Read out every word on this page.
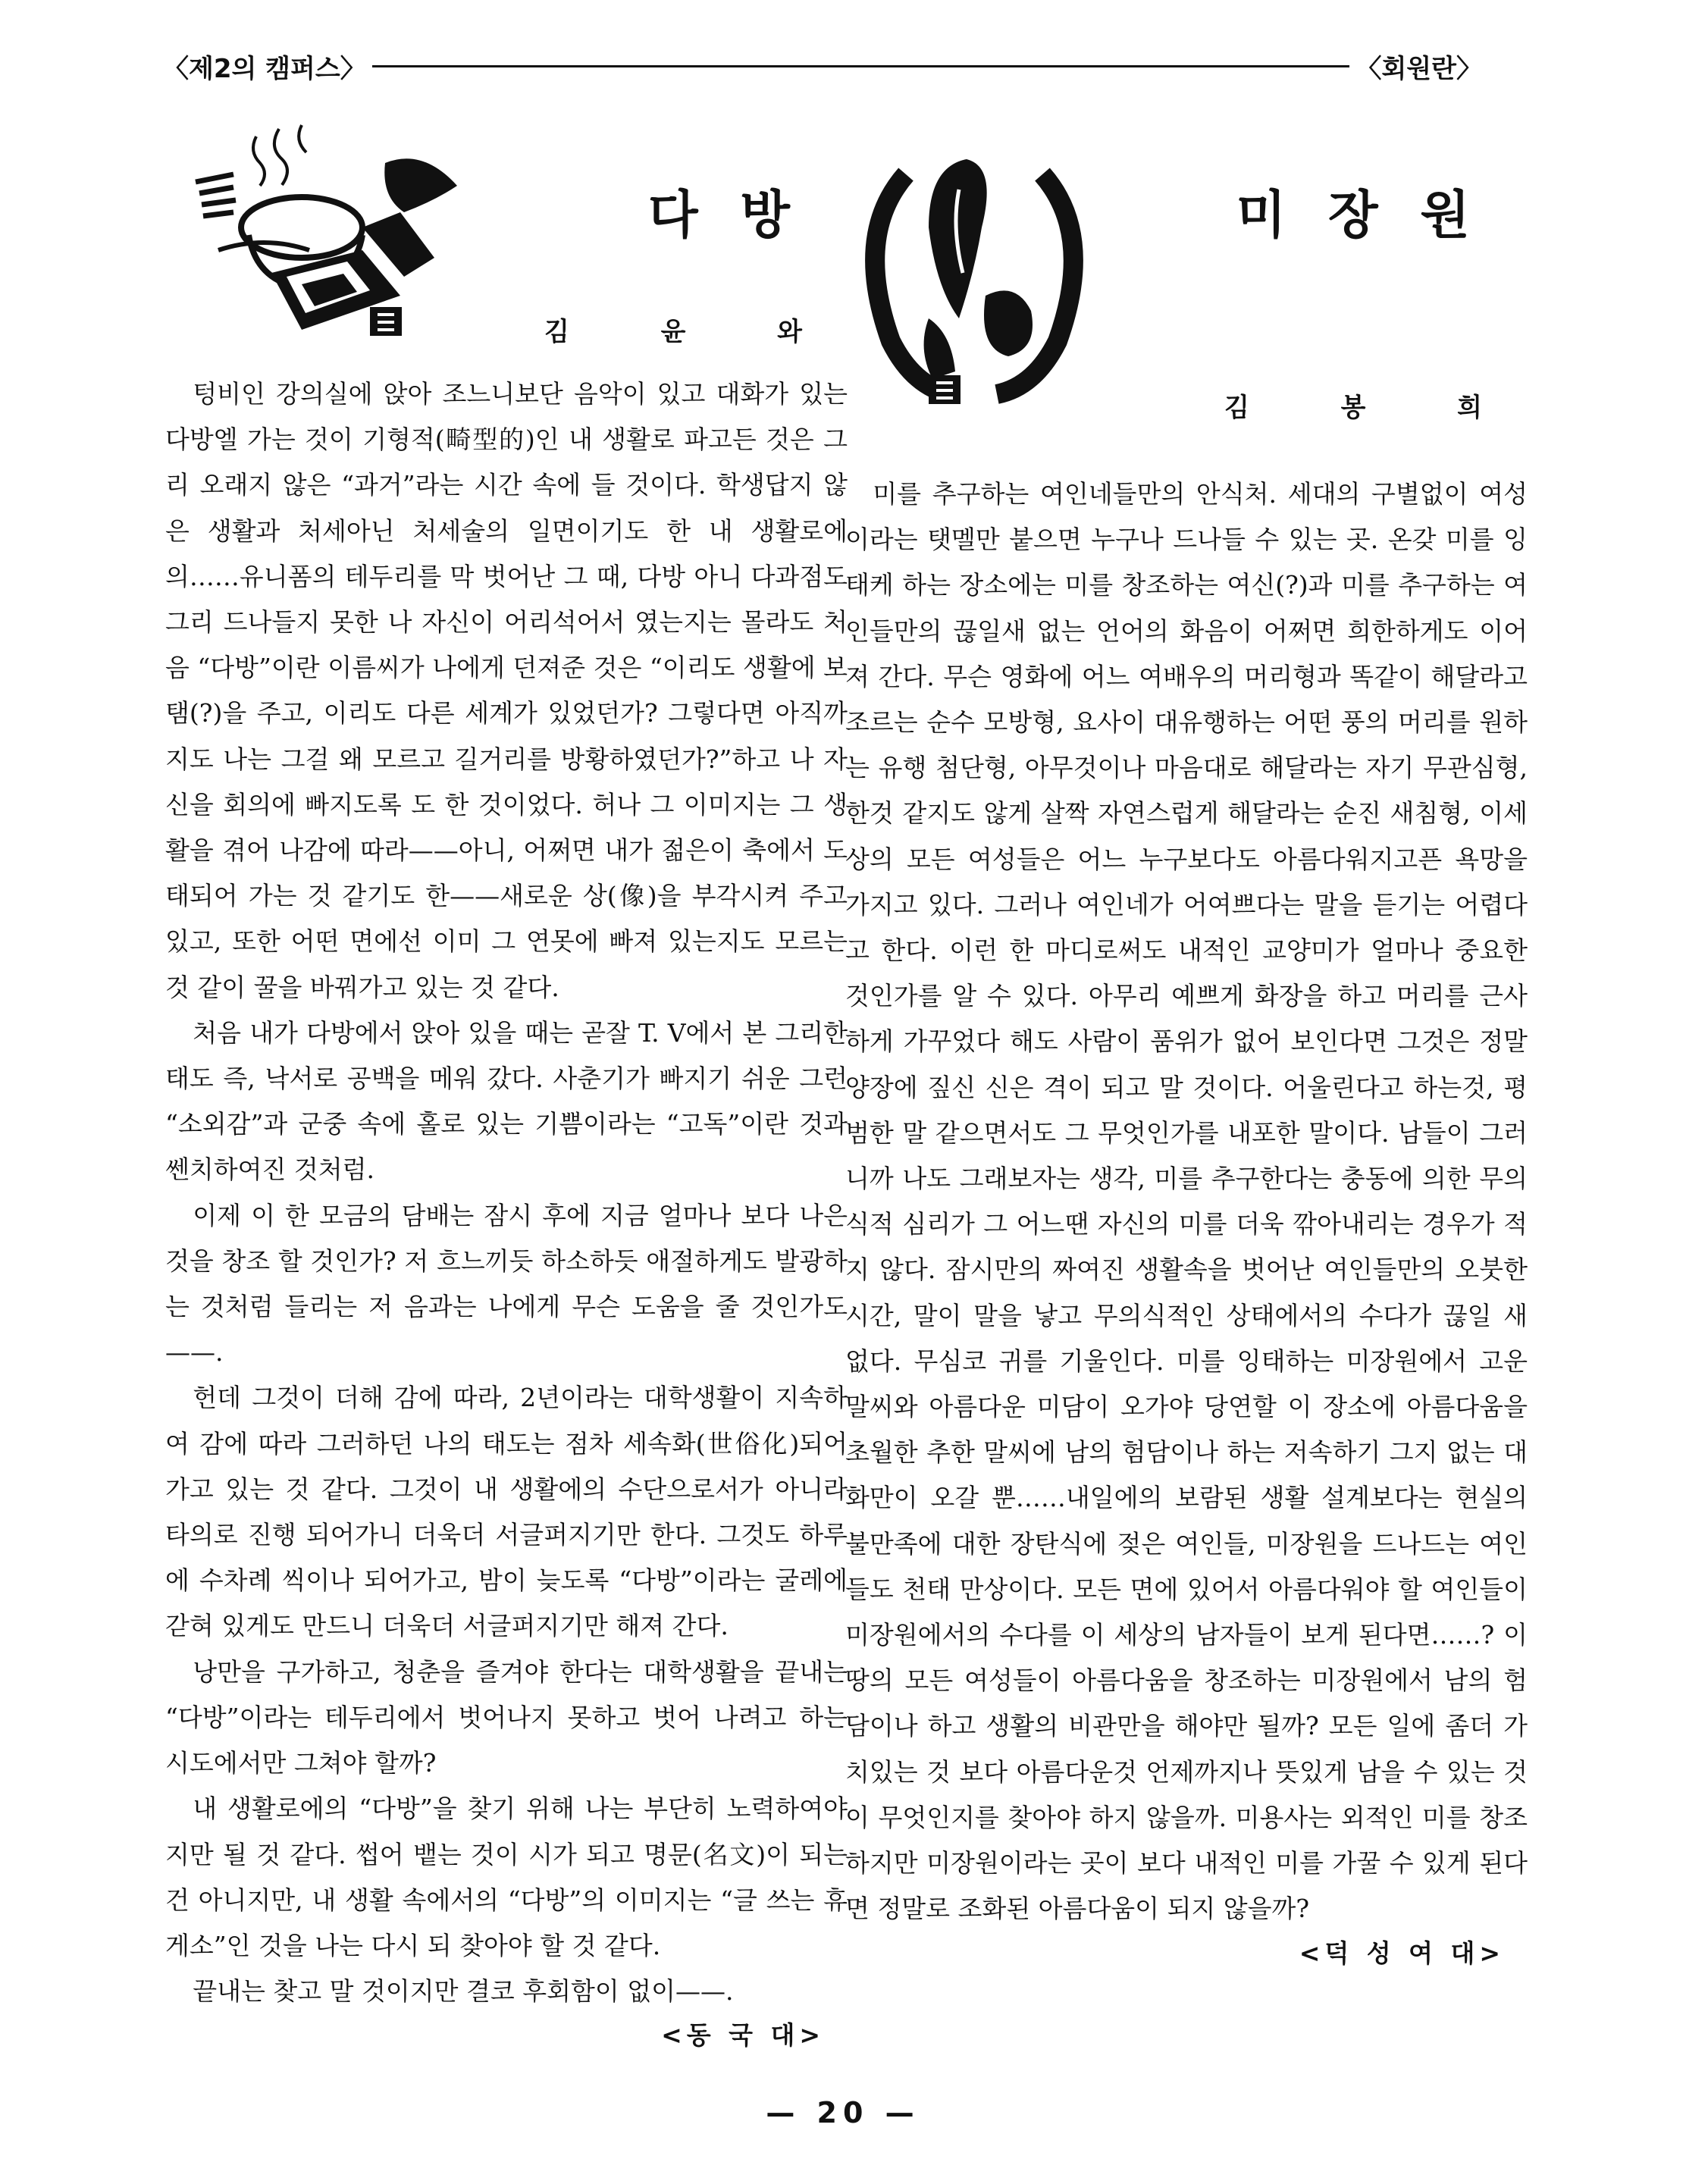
〈제2의 캠퍼스〉	〈회원란〉
다 방
김	윤	와

텅비인 강의실에 앉아 조느니보단 음악이 있고 대화가 있는 다방엘 가는 것이 기형적(畸型的)인 내 생활로 파고든 것은 그리 오래지 않은 “과거”라는 시간 속에 들 것이다. 학생답지 않은 생활과 처세아닌 처세술의 일면이기도 한 내 생활로에의……유니폼의 테두리를 막 벗어난 그 때, 다방 아니 다과점도 그리 드나들지 못한 나 자신이 어리석어서 였는지는 몰라도 처음 “다방”이란 이름씨가 나에게 던져준 것은 “이리도 생활에 보탬(?)을 주고, 이리도 다른 세계가 있었던가? 그렇다면 아직까지도 나는 그걸 왜 모르고 길거리를 방황하였던가?”하고 나 자신을 회의에 빠지도록 도 한 것이었다. 허나 그 이미지는 그 생활을 겪어 나감에 따라——아니, 어쩌면 내가 젊은이 축에서 도태되어 가는 것 같기도 한——새로운 상(像)을 부각시켜 주고 있고, 또한 어떤 면에선 이미 그 연못에 빠져 있는지도 모르는 것 같이 꿀을 바꿔가고 있는 것 같다.

처음 내가 다방에서 앉아 있을 때는 곧잘 T. V에서 본 그리한 태도 즉, 낙서로 공백을 메워 갔다. 사춘기가 빠지기 쉬운 그런 “소외감”과 군중 속에 홀로 있는 기쁨이라는 “고독”이란 것과 쎈치하여진 것처럼.

이제 이 한 모금의 담배는 잠시 후에 지금 얼마나 보다 나은 것을 창조 할 것인가? 저 흐느끼듯 하소하듯 애절하게도 발광하는 것처럼 들리는 저 음과는 나에게 무슨 도움을 줄 것인가도——.

헌데 그것이 더해 감에 따라, 2년이라는 대학생활이 지속하여 감에 따라 그러하던 나의 태도는 점차 세속화(世俗化)되어 가고 있는 것 같다. 그것이 내 생활에의 수단으로서가 아니라 타의로 진행 되어가니 더욱더 서글퍼지기만 한다. 그것도 하루에 수차례 씩이나 되어가고, 밤이 늦도록 “다방”이라는 굴레에 갇혀 있게도 만드니 더욱더 서글퍼지기만 해져 간다.

낭만을 구가하고, 청춘을 즐겨야 한다는 대학생활을 끝내는 “다방”이라는 테두리에서 벗어나지 못하고 벗어 나려고 하는 시도에서만 그쳐야 할까?

내 생활로에의 “다방”을 찾기 위해 나는 부단히 노력하여야지만 될 것 같다. 썹어 뱉는 것이 시가 되고 명문(名文)이 되는 건 아니지만, 내 생활 속에서의 “다방”의 이미지는 “글 쓰는 휴게소”인 것을 나는 다시 되 찾아야 할 것 같다.

끝내는 찾고 말 것이지만 결코 후회함이 없이——.

<동 국 대>
미 장 원
김	봉	희

미를 추구하는 여인네들만의 안식처. 세대의 구별없이 여성이라는 탯멜만 붙으면 누구나 드나들 수 있는 곳. 온갖 미를 잉태케 하는 장소에는 미를 창조하는 여신(?)과 미를 추구하는 여인들만의 끊일새 없는 언어의 화음이 어쩌면 희한하게도 이어져 간다. 무슨 영화에 어느 여배우의 머리형과 똑같이 해달라고 조르는 순수 모방형, 요사이 대유행하는 어떤 풍의 머리를 원하는 유행 첨단형, 아무것이나 마음대로 해달라는 자기 무관심형, 한것 같지도 않게 살짝 자연스럽게 해달라는 순진 새침형, 이세상의 모든 여성들은 어느 누구보다도 아름다워지고픈 욕망을 가지고 있다. 그러나 여인네가 어여쁘다는 말을 듣기는 어렵다고 한다. 이런 한 마디로써도 내적인 교양미가 얼마나 중요한 것인가를 알 수 있다. 아무리 예쁘게 화장을 하고 머리를 근사하게 가꾸었다 해도 사람이 품위가 없어 보인다면 그것은 정말 양장에 짚신 신은 격이 되고 말 것이다. 어울린다고 하는것, 평범한 말 같으면서도 그 무엇인가를 내포한 말이다. 남들이 그러니까 나도 그래보자는 생각, 미를 추구한다는 충동에 의한 무의식적 심리가 그 어느땐 자신의 미를 더욱 깎아내리는 경우가 적지 않다. 잠시만의 짜여진 생활속을 벗어난 여인들만의 오붓한 시간, 말이 말을 낳고 무의식적인 상태에서의 수다가 끊일 새 없다. 무심코 귀를 기울인다. 미를 잉태하는 미장원에서 고운 말씨와 아름다운 미담이 오가야 당연할 이 장소에 아름다움을 초월한 추한 말씨에 남의 험담이나 하는 저속하기 그지 없는 대화만이 오갈 뿐……내일에의 보람된 생활 설계보다는 현실의 불만족에 대한 장탄식에 젖은 여인들, 미장원을 드나드는 여인들도 천태 만상이다. 모든 면에 있어서 아름다워야 할 여인들이 미장원에서의 수다를 이 세상의 남자들이 보게 된다면……? 이 땅의 모든 여성들이 아름다움을 창조하는 미장원에서 남의 험담이나 하고 생활의 비관만을 해야만 될까? 모든 일에 좀더 가치있는 것 보다 아름다운것 언제까지나 뜻있게 남을 수 있는 것이 무엇인지를 찾아야 하지 않을까. 미용사는 외적인 미를 창조하지만 미장원이라는 곳이 보다 내적인 미를 가꿀 수 있게 된다면 정말로 조화된 아름다움이 되지 않을까?

<덕 성 여 대>
— 20 —
